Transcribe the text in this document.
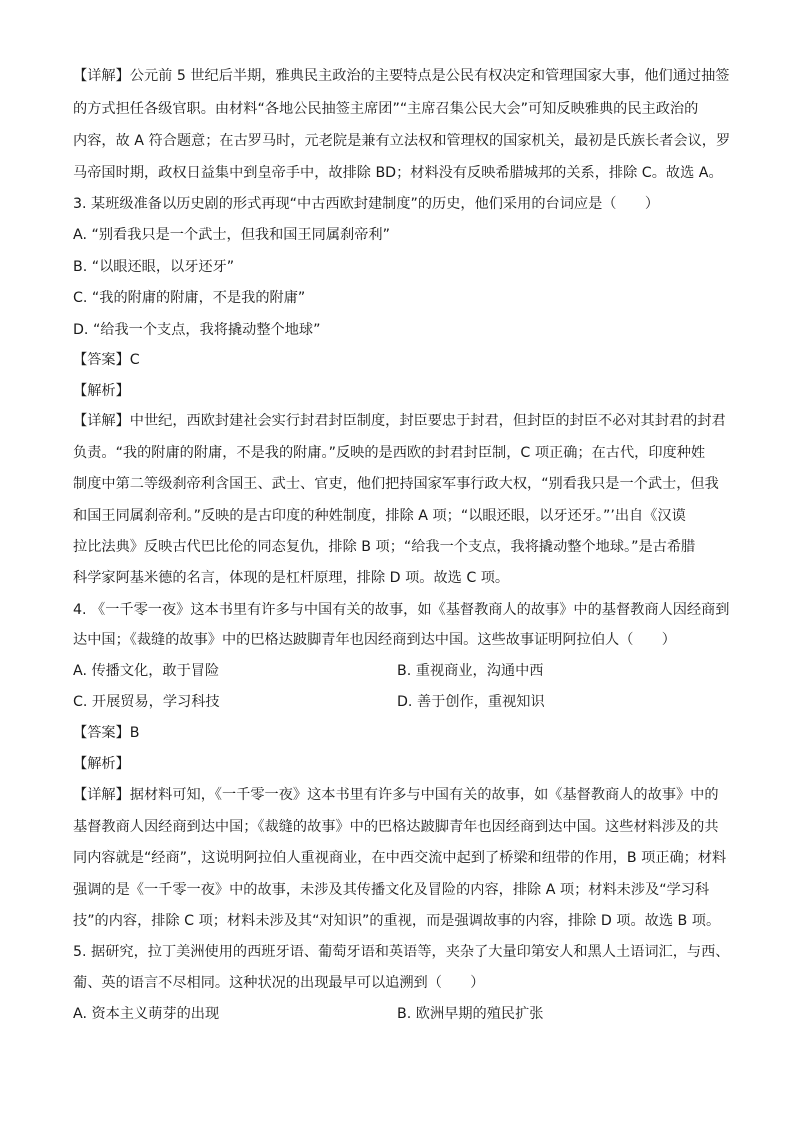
【详解】公元前 5 世纪后半期，雅典民主政治的主要特点是公民有权决定和管理国家大事，他们通过抽签
的方式担任各级官职。由材料“各地公民抽签主席团”“主席召集公民大会”可知反映雅典的民主政治的
内容，故 A 符合题意；在古罗马时，元老院是兼有立法权和管理权的国家机关，最初是氏族长者会议，罗
马帝国时期，政权日益集中到皇帝手中，故排除 BD；材料没有反映希腊城邦的关系，排除 C。故选 A。
3. 某班级准备以历史剧的形式再现“中古西欧封建制度”的历史，他们采用的台词应是（　　）
A. “别看我只是一个武士，但我和国王同属刹帝利”
B. “以眼还眼，以牙还牙”
C. “我的附庸的附庸，不是我的附庸”
D. “给我一个支点，我将撬动整个地球”
【答案】C
【解析】
【详解】中世纪，西欧封建社会实行封君封臣制度，封臣要忠于封君，但封臣的封臣不必对其封君的封君
负责。“我的附庸的附庸，不是我的附庸。”反映的是西欧的封君封臣制，C 项正确；在古代，印度种姓
制度中第二等级刹帝利含国王、武士、官吏，他们把持国家军事行政大权，“别看我只是一个武士，但我
和国王同属刹帝利。”反映的是古印度的种姓制度，排除 A 项；“以眼还眼，以牙还牙。”’出自《汉谟
拉比法典》反映古代巴比伦的同态复仇，排除 B 项；“给我一个支点，我将撬动整个地球。”是古希腊
科学家阿基米德的名言，体现的是杠杆原理，排除 D 项。故选 C 项。
4. 《一千零一夜》这本书里有许多与中国有关的故事，如《基督教商人的故事》中的基督教商人因经商到
达中国；《裁缝的故事》中的巴格达跛脚青年也因经商到达中国。这些故事证明阿拉伯人（　　）
A. 传播文化，敢于冒险	B. 重视商业，沟通中西
C. 开展贸易，学习科技	D. 善于创作，重视知识
【答案】B
【解析】
【详解】据材料可知，《一千零一夜》这本书里有许多与中国有关的故事，如《基督教商人的故事》中的
基督教商人因经商到达中国；《裁缝的故事》中的巴格达跛脚青年也因经商到达中国。这些材料涉及的共
同内容就是“经商”，这说明阿拉伯人重视商业，在中西交流中起到了桥梁和纽带的作用，B 项正确；材料
强调的是《一千零一夜》中的故事，未涉及其传播文化及冒险的内容，排除 A 项；材料未涉及“学习科
技”的内容，排除 C 项；材料未涉及其“对知识”的重视，而是强调故事的内容，排除 D 项。故选 B 项。
5. 据研究，拉丁美洲使用的西班牙语、葡萄牙语和英语等，夹杂了大量印第安人和黑人土语词汇，与西、
葡、英的语言不尽相同。这种状况的出现最早可以追溯到（　　）
A. 资本主义萌芽的出现	B. 欧洲早期的殖民扩张
